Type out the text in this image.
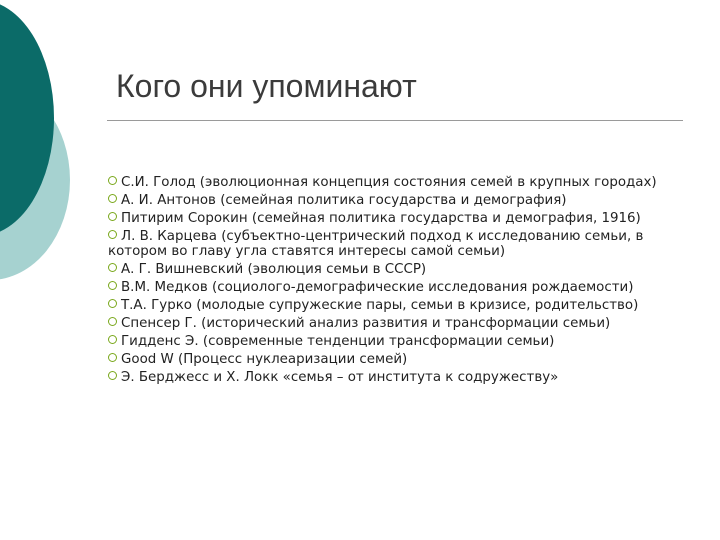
Кого они упоминают
С.И. Голод (эволюционная концепция состояния семей в крупных городах)
А. И. Антонов (семейная политика государства и демография)
Питирим Сорокин (семейная политика государства и демография, 1916)
Л. В. Карцева (субъектно-центрический подход к исследованию семьи, в котором во главу угла ставятся интересы самой семьи)
А. Г. Вишневский (эволюция семьи в СССР)
В.М. Медков (социолого-демографические исследования рождаемости)
Т.А. Гурко (молодые супружеские пары, семьи в кризисе, родительство)
Спенсер Г. (исторический анализ развития и трансформации семьи)
Гидденс Э. (современные тенденции трансформации семьи)
Good W (Процесс нуклеаризации семей)
Э. Берджесс и Х. Локк «семья – от института к содружеству»
